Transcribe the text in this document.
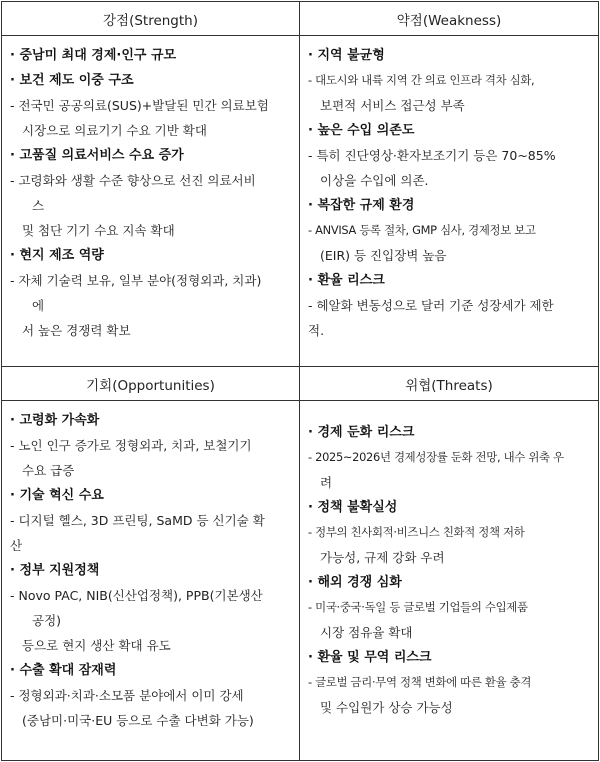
강점(Strength)	약점(Weakness)
· 중남미 최대 경제·인구 규모
· 보건 제도 이중 구조
- 전국민 공공의료(SUS)+발달된 민간 의료보험
시장으로 의료기기 수요 기반 확대
· 고품질 의료서비스 수요 증가
- 고령화와 생활 수준 향상으로 선진 의료서비
스
및 첨단 기기 수요 지속 확대
· 현지 제조 역량
- 자체 기술력 보유, 일부 분야(정형외과, 치과)
에
서 높은 경쟁력 확보
· 지역 불균형
- 대도시와 내륙 지역 간 의료 인프라 격차 심화,
보편적 서비스 접근성 부족
· 높은 수입 의존도
- 특히 진단영상·환자보조기기 등은 70~85%
이상을 수입에 의존.
· 복잡한 규제 환경
- ANVISA 등록 절차, GMP 심사, 경제정보 보고
(EIR) 등 진입장벽 높음
· 환율 리스크
- 헤알화 변동성으로 달러 기준 성장세가 제한
적.
기회(Opportunities)	위협(Threats)
· 고령화 가속화
- 노인 인구 증가로 정형외과, 치과, 보철기기
수요 급증
· 기술 혁신 수요
- 디지털 헬스, 3D 프린팅, SaMD 등 신기술 확
산
· 정부 지원정책
- Novo PAC, NIB(신산업정책), PPB(기본생산
공정)
등으로 현지 생산 확대 유도
· 수출 확대 잠재력
- 정형외과·치과·소모품 분야에서 이미 강세
(중남미·미국·EU 등으로 수출 다변화 가능)
· 경제 둔화 리스크
- 2025~2026년 경제성장률 둔화 전망, 내수 위축 우
려
· 정책 불확실성
- 정부의 친사회적·비즈니스 친화적 정책 저하
가능성, 규제 강화 우려
· 해외 경쟁 심화
- 미국·중국·독일 등 글로벌 기업들의 수입제품
시장 점유율 확대
· 환율 및 무역 리스크
- 글로벌 금리·무역 정책 변화에 따른 환율 충격
및 수입원가 상승 가능성
